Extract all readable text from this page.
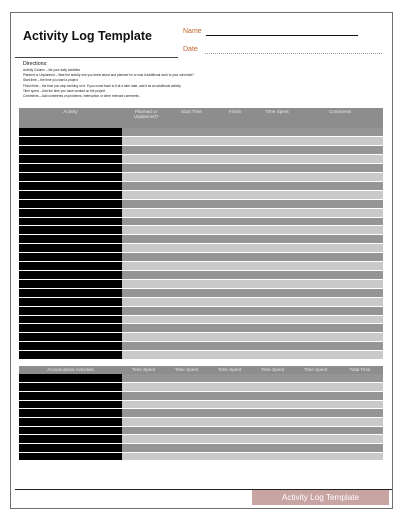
Activity Log Template	Name
Date
Directions:
Activity Column – list your daily activities
Planned or Unplanned – Was the activity one you knew about and planned for or was it additional work to your schedule?
Start time – the time you start a project
Finish time – the time you stop working on it. If you come back to it at a later date, add it as an additional activity.
Time spent – Add the time you have worked on the project
Comments – Add comments on problems, interruption or other relevant comments.
Activity Log Template
Activity	Planned or Unplanned?	Start Time	Finish	Time Spent	Comments

Accumulative Activities	Time Spent	Time Spent	Time Spent	Time Spent	Time Spent	Total Time
